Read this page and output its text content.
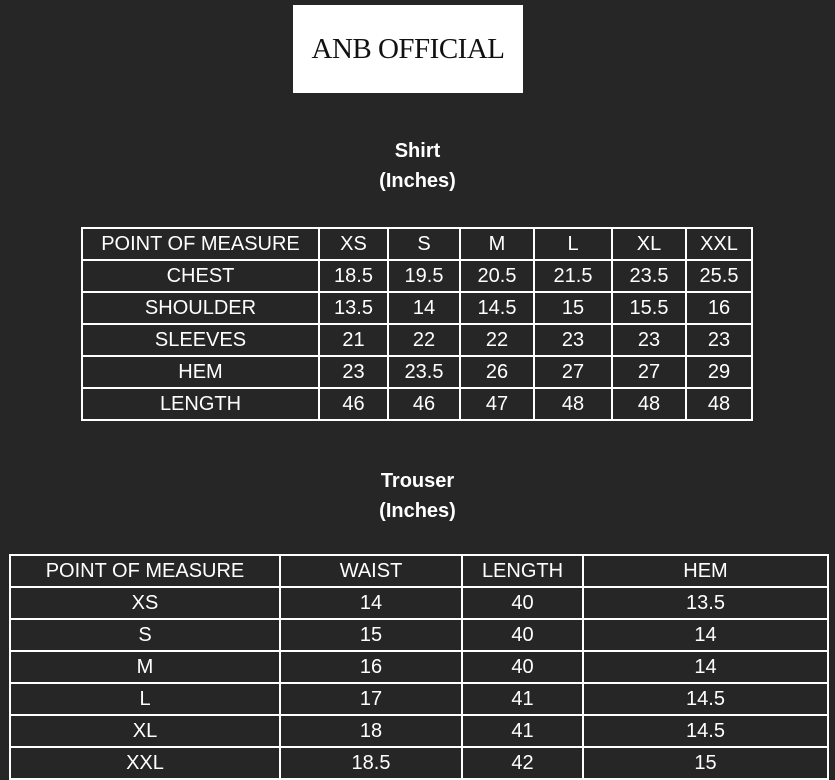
ANB OFFICIAL
Shirt
(Inches)
POINT OF MEASURE	XS	S	M	L	XL	XXL
CHEST	18.5	19.5	20.5	21.5	23.5	25.5
SHOULDER	13.5	14	14.5	15	15.5	16
SLEEVES	21	22	22	23	23	23
HEM	23	23.5	26	27	27	29
LENGTH	46	46	47	48	48	48
Trouser
(Inches)
POINT OF MEASURE	WAIST	LENGTH	HEM
XS	14	40	13.5
S	15	40	14
M	16	40	14
L	17	41	14.5
XL	18	41	14.5
XXL	18.5	42	15
